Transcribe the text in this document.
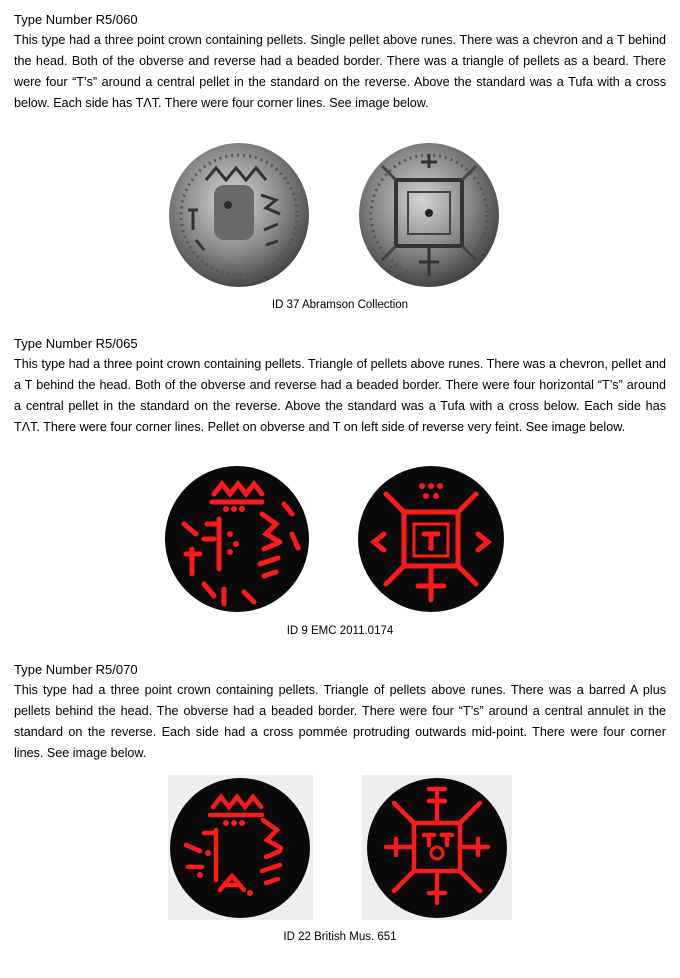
Type Number R5/060

This type had a three point crown containing pellets. Single pellet above runes. There was a chevron and a T behind the head. Both of the obverse and reverse had a beaded border. There was a triangle of pellets as a beard. There were four “T’s” around a central pellet in the standard on the reverse. Above the standard was a Tufa with a cross below. Each side has TΛT. There were four corner lines. See image below.

ID 37 Abramson Collection

Type Number R5/065

This type had a three point crown containing pellets. Triangle of pellets above runes. There was a chevron, pellet and a T behind the head. Both of the obverse and reverse had a beaded border. There were four horizontal “T’s” around a central pellet in the standard on the reverse. Above the standard was a Tufa with a cross below. Each side has TΛT. There were four corner lines. Pellet on obverse and T on left side of reverse very feint. See image below.

ID 9 EMC 2011.0174

Type Number R5/070

This type had a three point crown containing pellets. Triangle of pellets above runes. There was a barred A plus pellets behind the head. The obverse had a beaded border. There were four “T’s” around a central annulet in the standard on the reverse. Each side had a cross pommée protruding outwards mid-point. There were four corner lines. See image below.

ID 22 British Mus. 651
